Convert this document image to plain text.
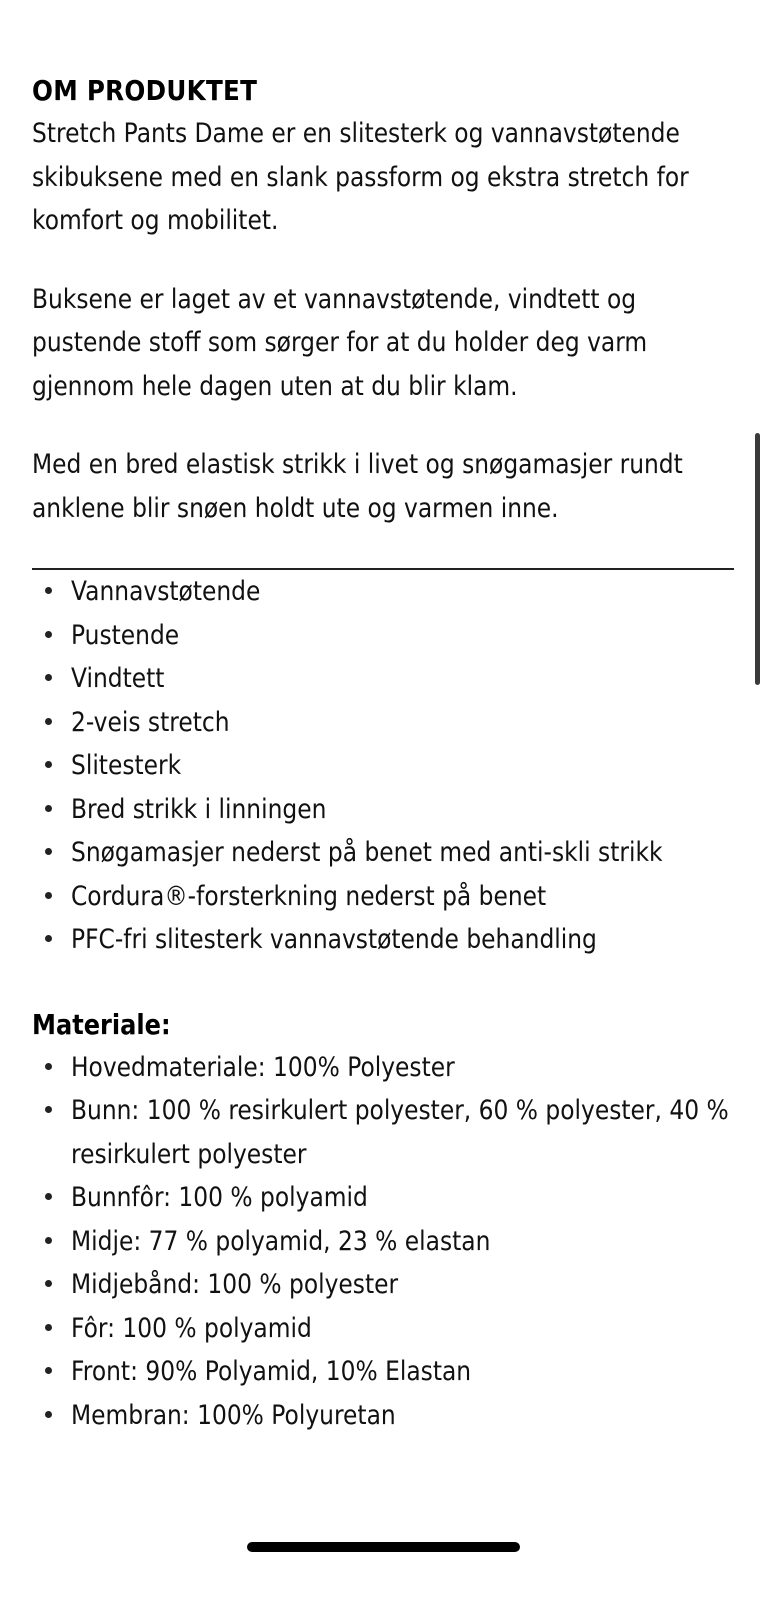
OM PRODUKTET

Stretch Pants Dame er en slitesterk og vannavstøtende skibuksene med en slank passform og ekstra stretch for komfort og mobilitet.

Buksene er laget av et vannavstøtende, vindtett og pustende stoff som sørger for at du holder deg varm gjennom hele dagen uten at du blir klam.

Med en bred elastisk strikk i livet og snøgamasjer rundt anklene blir snøen holdt ute og varmen inne.

Vannavstøtende
Pustende
Vindtett
2-veis stretch
Slitesterk
Bred strikk i linningen
Snøgamasjer nederst på benet med anti-skli strikk
Cordura®-forsterkning nederst på benet
PFC-fri slitesterk vannavstøtende behandling
Materiale:
Hovedmateriale: 100% Polyester
Bunn: 100 % resirkulert polyester, 60 % polyester, 40 % resirkulert polyester
Bunnfôr: 100 % polyamid
Midje: 77 % polyamid, 23 % elastan
Midjebånd: 100 % polyester
Fôr: 100 % polyamid
Front: 90% Polyamid, 10% Elastan
Membran: 100% Polyuretan
